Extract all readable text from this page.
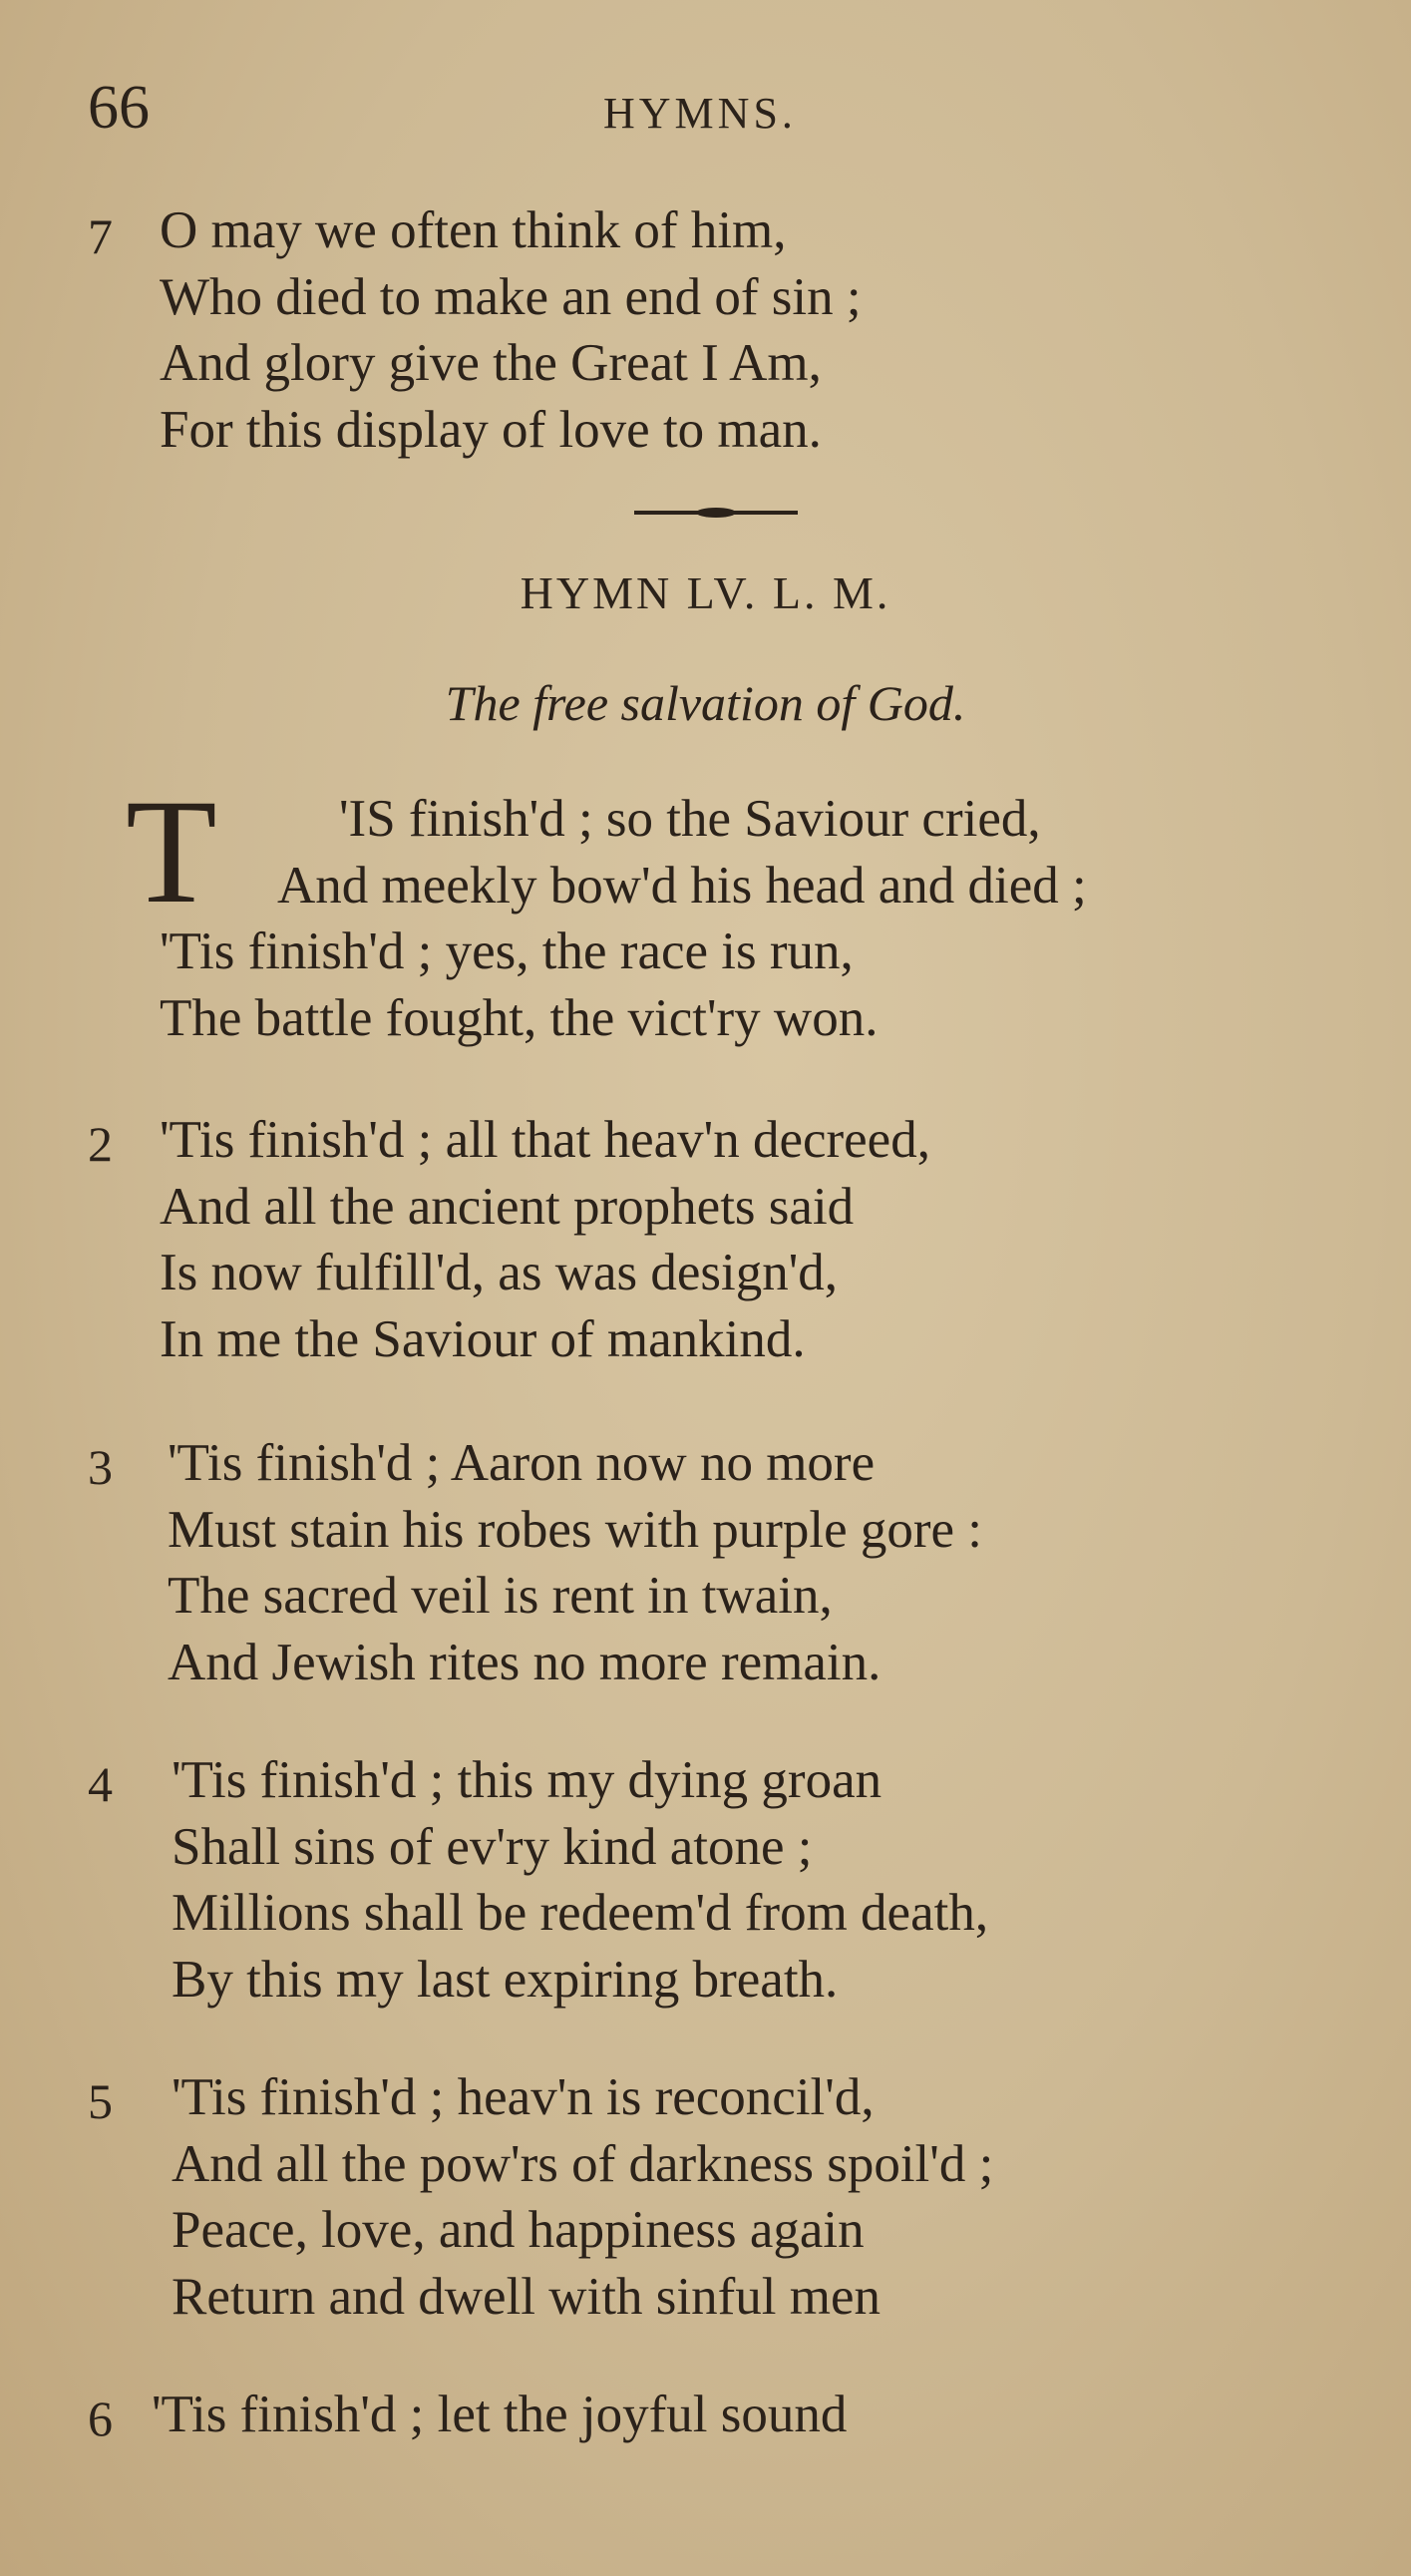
66	HYMNS.
7 O may we often think of him,
Who died to make an end of sin ;
And glory give the Great I Am,
For this display of love to man.
HYMN LV. L. M.
The free salvation of God.
T	'IS finish'd ; so the Saviour cried,
And meekly bow'd his head and died ;
'Tis finish'd ; yes, the race is run,
The battle fought, the vict'ry won.
2 'Tis finish'd ; all that heav'n decreed,
And all the ancient prophets said
Is now fulfill'd, as was design'd,
In me the Saviour of mankind.
3 'Tis finish'd ; Aaron now no more
Must stain his robes with purple gore :
The sacred veil is rent in twain,
And Jewish rites no more remain.
4 'Tis finish'd ; this my dying groan
Shall sins of ev'ry kind atone ;
Millions shall be redeem'd from death,
By this my last expiring breath.
5 'Tis finish'd ; heav'n is reconcil'd,
And all the pow'rs of darkness spoil'd ;
Peace, love, and happiness again
Return and dwell with sinful men
6 'Tis finish'd ; let the joyful sound
